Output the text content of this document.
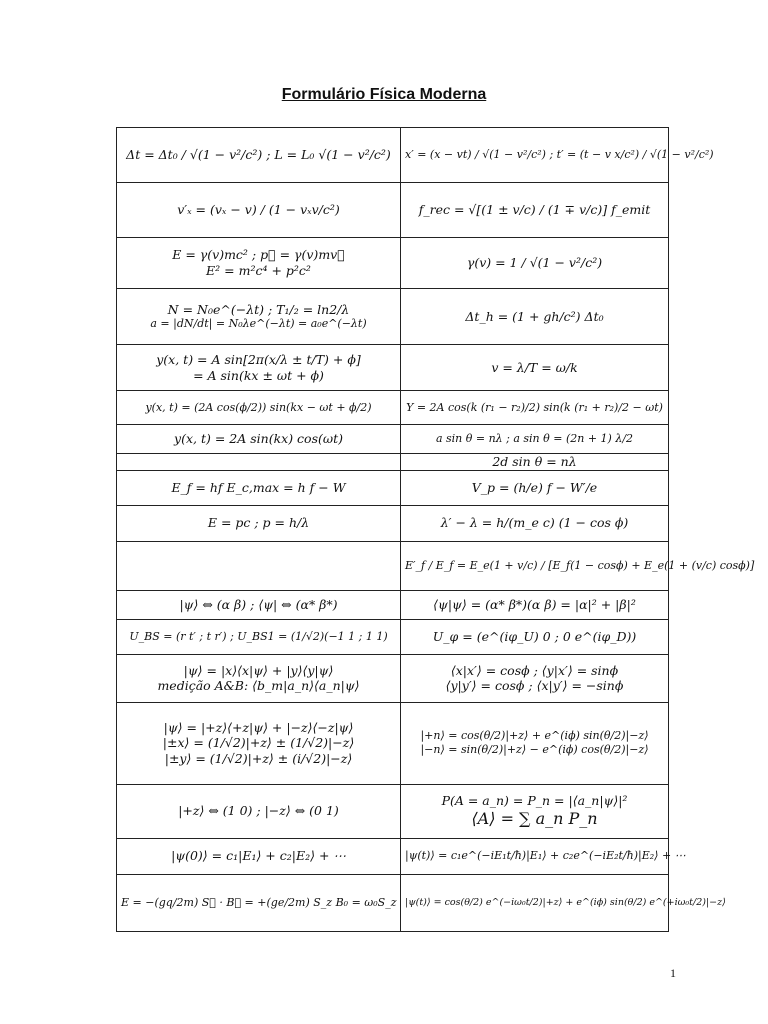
Formulário Física Moderna
Δt = Δt₀ / √(1 − v²/c²) ; L = L₀ √(1 − v²/c²)	x′ = (x − vt) / √(1 − v²/c²) ; t′ = (t − v x/c²) / √(1 − v²/c²)

v′ₓ = (vₓ − v) / (1 − vₓv/c²)	f_rec = √[(1 ± v/c) / (1 ∓ v/c)] f_emit

E = γ(v)mc² ; p⃗ = γ(v)mv⃗
E² = m²c⁴ + p²c²	γ(v) = 1 / √(1 − v²/c²)

N = N₀e^(−λt) ; T₁/₂ = ln2/λ
a = |dN/dt| = N₀λe^(−λt) = a₀e^(−λt)	Δt_h = (1 + gh/c²) Δt₀

y(x, t) = A sin[2π(x/λ ± t/T) + ϕ]
= A sin(kx ± ωt + ϕ)	v = λ/T = ω/k

y(x, t) = (2A cos(ϕ/2)) sin(kx − ωt + ϕ/2)	Y = 2A cos(k (r₁ − r₂)/2) sin(k (r₁ + r₂)/2 − ωt)

y(x, t) = 2A sin(kx) cos(ωt)	a sin θ = nλ ; a sin θ = (2n + 1) λ/2

	2d sin θ = nλ

E_f = hf E_c,max = h f − W	V_p = (h/e) f − W′/e

E = pc ; p = h/λ	λ′ − λ = h/(m_e c) (1 − cos ϕ)

	E′_f / E_f = E_e(1 + v/c) / [E_f(1 − cosϕ) + E_e(1 + (v/c) cosϕ)]

|ψ⟩ ⇔ (α β) ; ⟨ψ| ⇔ (α* β*)	⟨ψ|ψ⟩ = (α* β*)(α β) = |α|² + |β|²

U_BS = (r t′ ; t r′) ; U_BS1 = (1/√2)(−1 1 ; 1 1)	U_φ = (e^(iφ_U) 0 ; 0 e^(iφ_D))

|ψ⟩ = |x⟩⟨x|ψ⟩ + |y⟩⟨y|ψ⟩
medição A&B: ⟨b_m|a_n⟩⟨a_n|ψ⟩	⟨x|x′⟩ = cosϕ ; ⟨y|x′⟩ = sinϕ
⟨y|y′⟩ = cosϕ ; ⟨x|y′⟩ = −sinϕ

|ψ⟩ = |+z⟩⟨+z|ψ⟩ + |−z⟩⟨−z|ψ⟩
|±x⟩ = (1/√2)|+z⟩ ± (1/√2)|−z⟩
|±y⟩ = (1/√2)|+z⟩ ± (i/√2)|−z⟩	|+n⟩ = cos(θ/2)|+z⟩ + e^(iϕ) sin(θ/2)|−z⟩
|−n⟩ = sin(θ/2)|+z⟩ − e^(iϕ) cos(θ/2)|−z⟩

|+z⟩ ⇔ (1 0) ; |−z⟩ ⇔ (0 1)	P(A = a_n) = P_n = |⟨a_n|ψ⟩|²
⟨A⟩ = ∑ a_n P_n

|ψ(0)⟩ = c₁|E₁⟩ + c₂|E₂⟩ + ⋯	|ψ(t)⟩ = c₁e^(−iE₁t/ħ)|E₁⟩ + c₂e^(−iE₂t/ħ)|E₂⟩ + ⋯

E = −(gq/2m) S⃗ · B⃗ = +(ge/2m) S_z B₀ = ω₀S_z	|ψ(t)⟩ = cos(θ/2) e^(−iω₀t/2)|+z⟩ + e^(iϕ) sin(θ/2) e^(+iω₀t/2)|−z⟩
1
